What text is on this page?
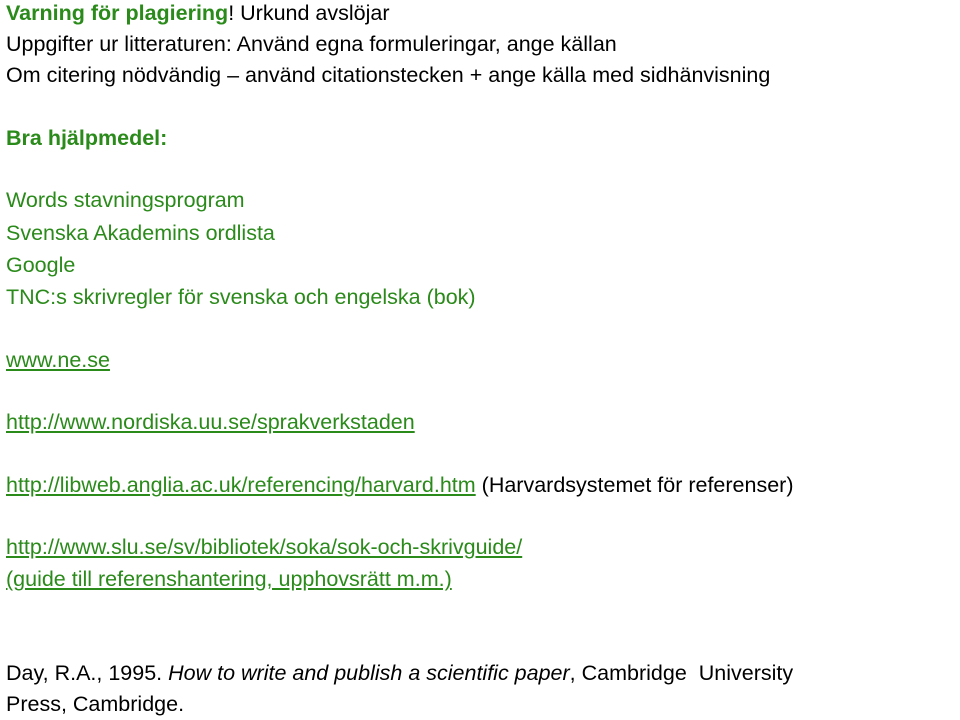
Varning för plagiering! Urkund avslöjar
Uppgifter ur litteraturen: Använd egna formuleringar, ange källan
Om citering nödvändig – använd citationstecken + ange källa med sidhänvisning
Bra hjälpmedel:
Words stavningsprogram
Svenska Akademins ordlista
Google
TNC:s skrivregler för svenska och engelska (bok)
www.ne.se
http://www.nordiska.uu.se/sprakverkstaden
http://libweb.anglia.ac.uk/referencing/harvard.htm (Harvardsystemet för referenser)
http://www.slu.se/sv/bibliotek/soka/sok-och-skrivguide/
(guide till referenshantering, upphovsrätt m.m.)
Day, R.A., 1995. How to write and publish a scientific paper, Cambridge  University
Press, Cambridge.
